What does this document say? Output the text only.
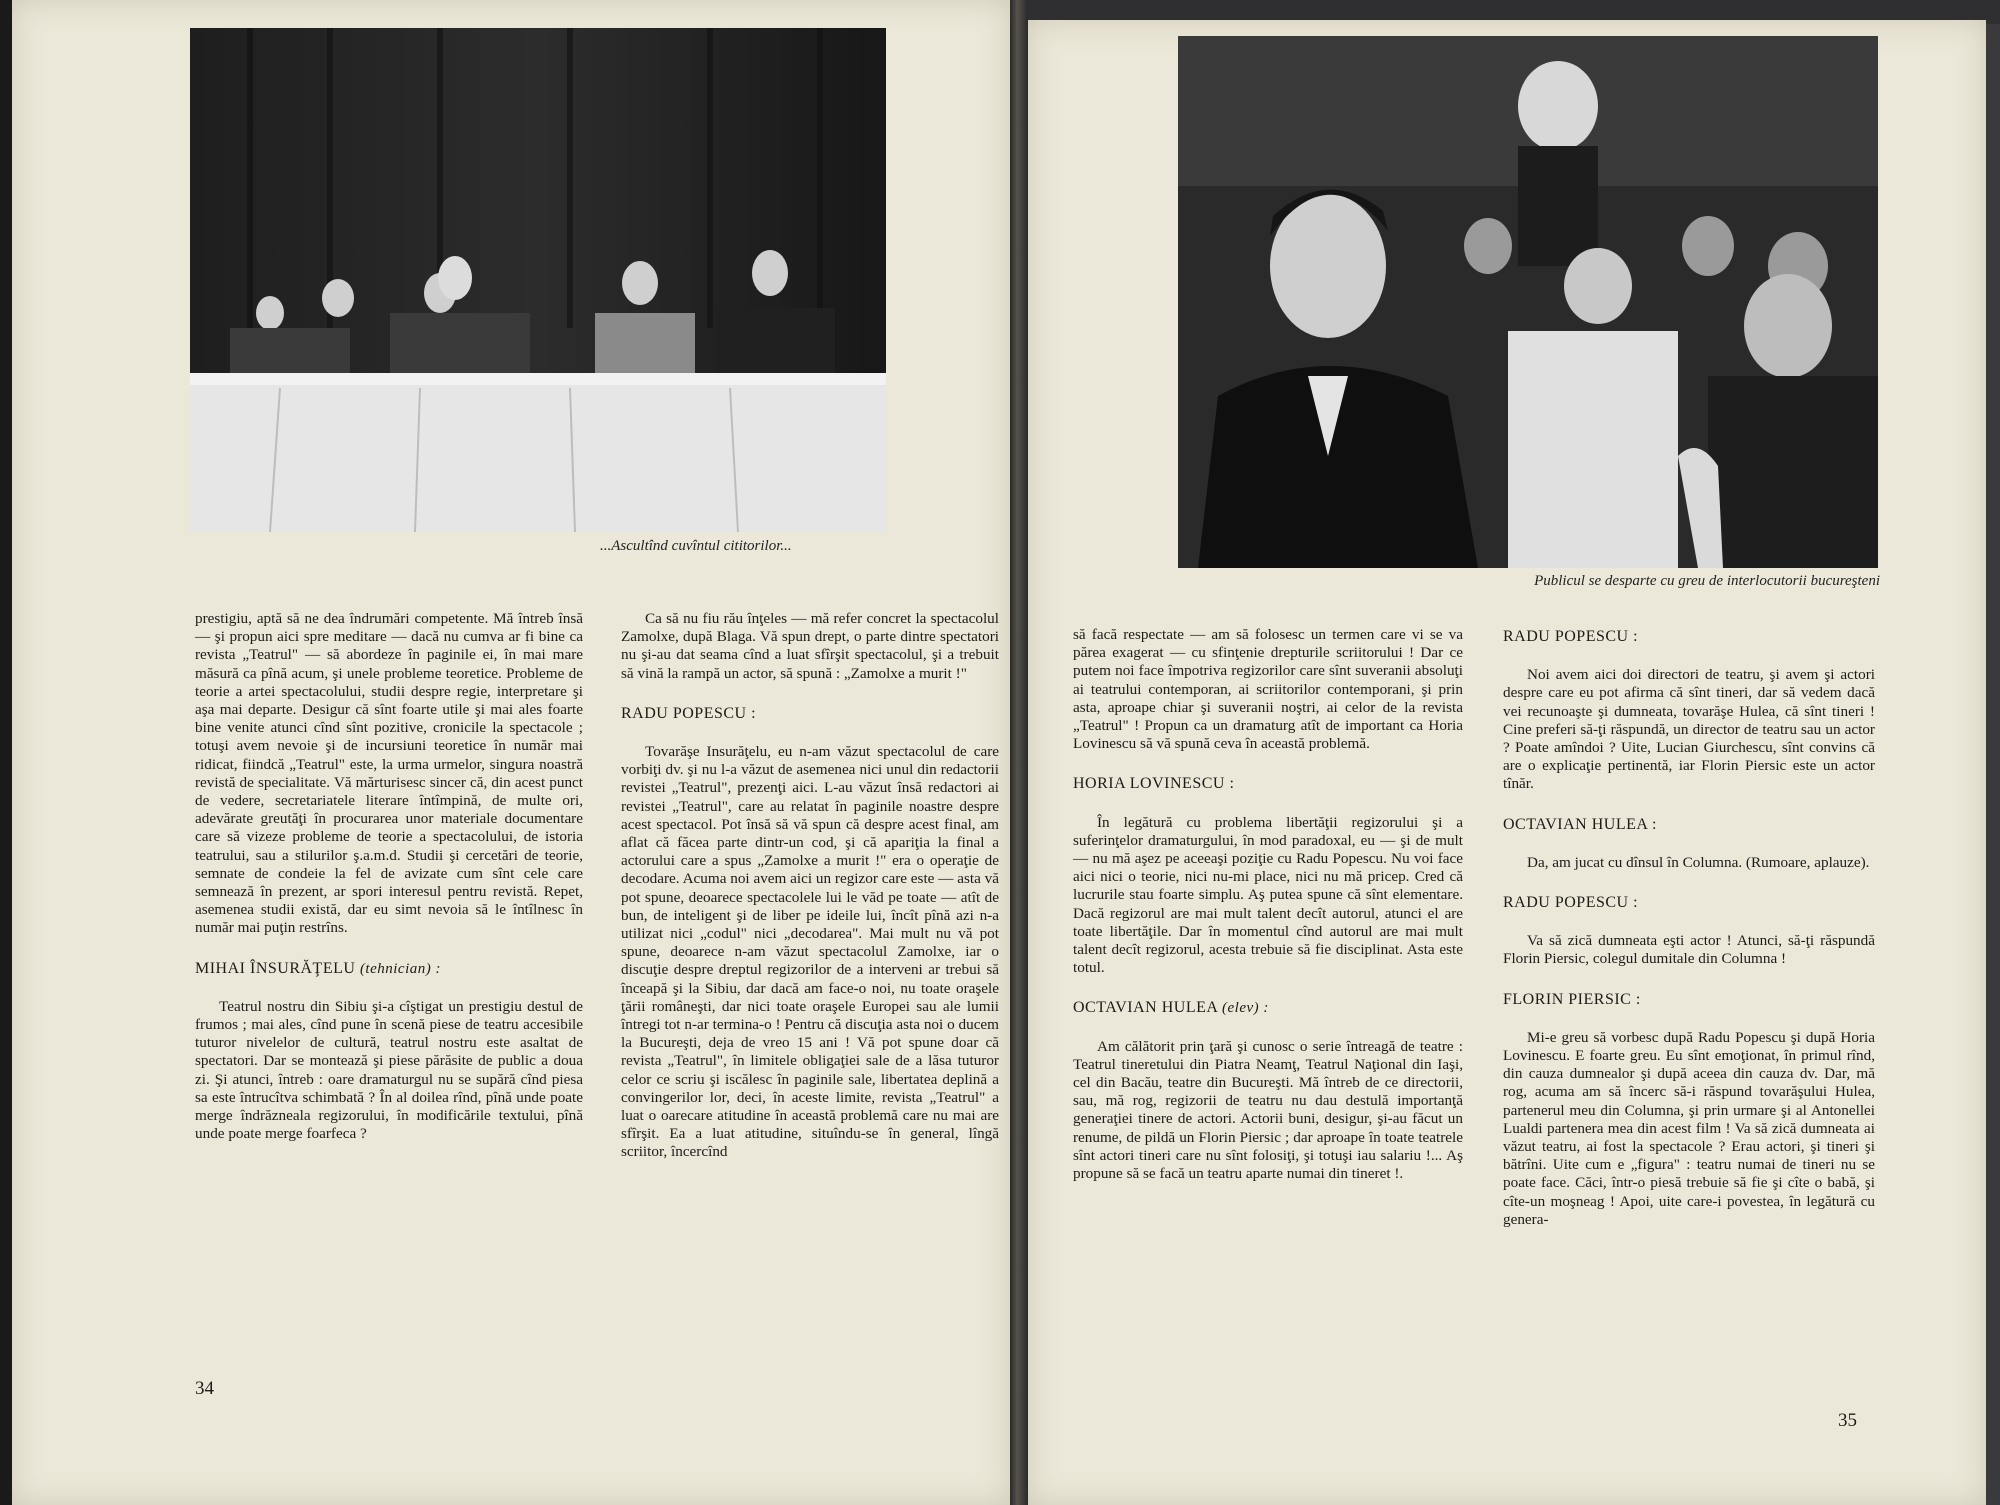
...Ascultînd cuvîntul cititorilor...

prestigiu, aptă să ne dea îndrumări competente. Mă întreb însă — şi propun aici spre meditare — dacă nu cumva ar fi bine ca revista „Teatrul" — să abordeze în paginile ei, în mai mare măsură ca pînă acum, şi unele probleme teoretice. Probleme de teorie a artei spectacolului, studii despre regie, interpretare şi aşa mai departe. Desigur că sînt foarte utile şi mai ales foarte bine venite atunci cînd sînt pozitive, cronicile la spectacole ; totuşi avem nevoie şi de incursiuni teoretice în număr mai ridicat, fiindcă „Teatrul" este, la urma urmelor, singura noastră revistă de specialitate. Vă mărturisesc sincer că, din acest punct de vedere, secretariatele literare întîmpină, de multe ori, adevărate greutăţi în procurarea unor materiale documentare care să vizeze probleme de teorie a spectacolului, de istoria teatrului, sau a stilurilor ş.a.m.d. Studii şi cercetări de teorie, semnate de condeie la fel de avizate cum sînt cele care semnează în prezent, ar spori interesul pentru revistă. Repet, asemenea studii există, dar eu simt nevoia să le întîlnesc în număr mai puţin restrîns.

MIHAI ÎNSURĂŢELU (tehnician) :

Teatrul nostru din Sibiu şi-a cîştigat un prestigiu destul de frumos ; mai ales, cînd pune în scenă piese de teatru accesibile tuturor nivelelor de cultură, teatrul nostru este asaltat de spectatori. Dar se montează şi piese părăsite de public a doua zi. Şi atunci, întreb : oare dramaturgul nu se supără cînd piesa sa este întrucîtva schimbată ? În al doilea rînd, pînă unde poate merge îndrăzneala regizorului, în modificările textului, pînă unde poate merge foarfeca ?

Ca să nu fiu rău înţeles — mă refer concret la spectacolul Zamolxe, după Blaga. Vă spun drept, o parte dintre spectatori nu şi-au dat seama cînd a luat sfîrşit spectacolul, şi a trebuit să vină la rampă un actor, să spună : „Zamolxe a murit !"

RADU POPESCU :

Tovarăşe Insurăţelu, eu n-am văzut spectacolul de care vorbiţi dv. şi nu l-a văzut de asemenea nici unul din redactorii revistei „Teatrul", prezenţi aici. L-au văzut însă redactori ai revistei „Teatrul", care au relatat în paginile noastre despre acest spectacol. Pot însă să vă spun că despre acest final, am aflat că făcea parte dintr-un cod, şi că apariţia la final a actorului care a spus „Zamolxe a murit !" era o operaţie de decodare. Acuma noi avem aici un regizor care este — asta vă pot spune, deoarece spectacolele lui le văd pe toate — atît de bun, de inteligent şi de liber pe ideile lui, încît pînă azi n-a utilizat nici „codul" nici „decodarea". Mai mult nu vă pot spune, deoarece n-am văzut spectacolul Zamolxe, iar o discuţie despre dreptul regizorilor de a interveni ar trebui să înceapă şi la Sibiu, dar dacă am face-o noi, nu toate oraşele ţării româneşti, dar nici toate oraşele Europei sau ale lumii întregi tot n-ar termina-o ! Pentru că discuţia asta noi o ducem la Bucureşti, deja de vreo 15 ani ! Vă pot spune doar că revista „Teatrul", în limitele obligaţiei sale de a lăsa tuturor celor ce scriu şi iscălesc în paginile sale, libertatea deplină a convingerilor lor, deci, în aceste limite, revista „Teatrul" a luat o oarecare atitudine în această problemă care nu mai are sfîrşit. Ea a luat atitudine, situîndu-se în general, lîngă scriitor, încercînd

34
Publicul se desparte cu greu de interlocutorii bucureşteni

să facă respectate — am să folosesc un termen care vi se va părea exagerat — cu sfinţenie drepturile scriitorului ! Dar ce putem noi face împotriva regizorilor care sînt suveranii absoluţi ai teatrului contemporan, ai scriitorilor contemporani, şi prin asta, aproape chiar şi suveranii noştri, ai celor de la revista „Teatrul" ! Propun ca un dramaturg atît de important ca Horia Lovinescu să vă spună ceva în această problemă.

HORIA LOVINESCU :

În legătură cu problema libertăţii regizorului şi a suferinţelor dramaturgului, în mod paradoxal, eu — şi de mult — nu mă aşez pe aceeaşi poziţie cu Radu Popescu. Nu voi face aici nici o teorie, nici nu-mi place, nici nu mă pricep. Cred că lucrurile stau foarte simplu. Aş putea spune că sînt elementare. Dacă regizorul are mai mult talent decît autorul, atunci el are toate libertăţile. Dar în momentul cînd autorul are mai mult talent decît regizorul, acesta trebuie să fie disciplinat. Asta este totul.

OCTAVIAN HULEA (elev) :

Am călătorit prin ţară şi cunosc o serie întreagă de teatre : Teatrul tineretului din Piatra Neamţ, Teatrul Naţional din Iaşi, cel din Bacău, teatre din Bucureşti. Mă întreb de ce directorii, sau, mă rog, regizorii de teatru nu dau destulă importanţă generaţiei tinere de actori. Actorii buni, desigur, şi-au făcut un renume, de pildă un Florin Piersic ; dar aproape în toate teatrele sînt actori tineri care nu sînt folosiţi, şi totuşi iau salariu !... Aş propune să se facă un teatru aparte numai din tineret !.

RADU POPESCU :

Noi avem aici doi directori de teatru, şi avem şi actori despre care eu pot afirma că sînt tineri, dar să vedem dacă vei recunoaşte şi dumneata, tovarăşe Hulea, că sînt tineri ! Cine preferi să-ţi răspundă, un director de teatru sau un actor ? Poate amîndoi ? Uite, Lucian Giurchescu, sînt convins că are o explicaţie pertinentă, iar Florin Piersic este un actor tînăr.

OCTAVIAN HULEA :

Da, am jucat cu dînsul în Columna. (Rumoare, aplauze).

RADU POPESCU :

Va să zică dumneata eşti actor ! Atunci, să-ţi răspundă Florin Piersic, colegul dumitale din Columna !

FLORIN PIERSIC :

Mi-e greu să vorbesc după Radu Popescu şi după Horia Lovinescu. E foarte greu. Eu sînt emoţionat, în primul rînd, din cauza dumnealor şi după aceea din cauza dv. Dar, mă rog, acuma am să încerc să-i răspund tovarăşului Hulea, partenerul meu din Columna, şi prin urmare şi al Antonellei Lualdi partenera mea din acest film ! Va să zică dumneata ai văzut teatru, ai fost la spectacole ? Erau actori, şi tineri şi bătrîni. Uite cum e „figura" : teatru numai de tineri nu se poate face. Căci, într-o piesă trebuie să fie şi cîte o babă, şi cîte-un moşneag ! Apoi, uite care-i povestea, în legătură cu genera-

35
